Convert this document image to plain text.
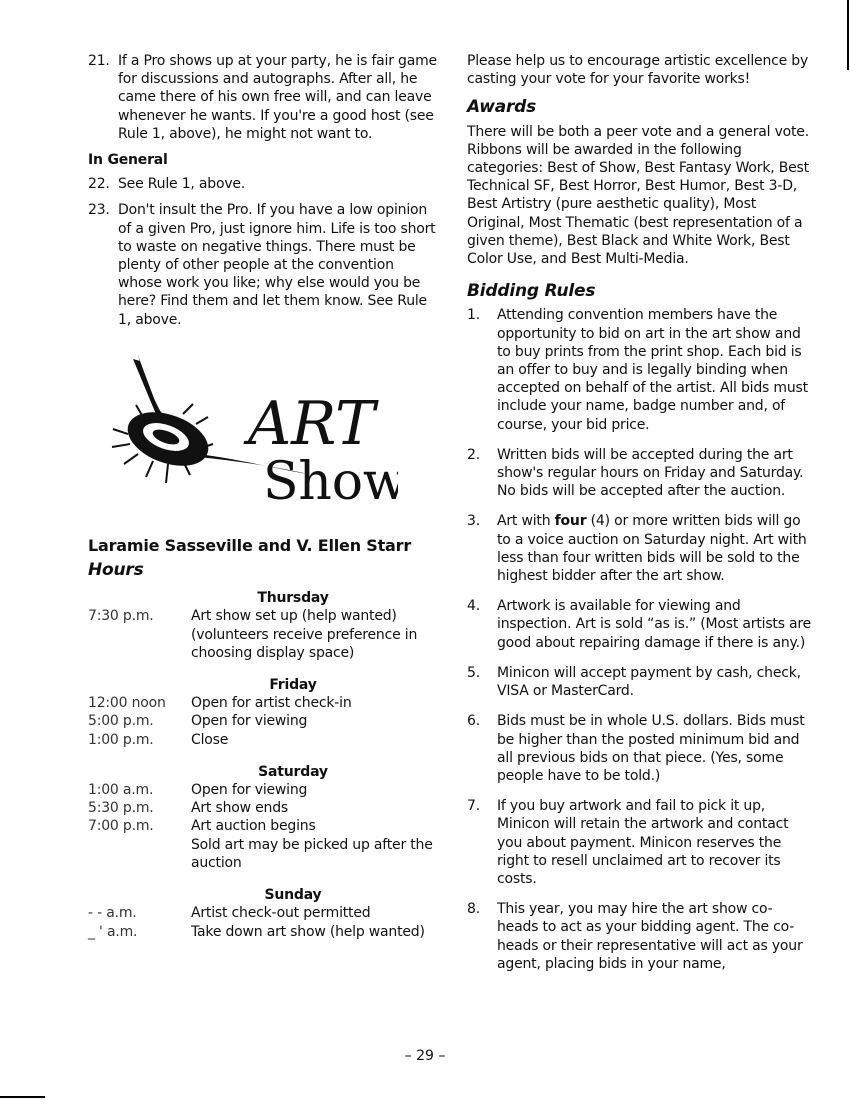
21. If a Pro shows up at your party, he is fair game for discussions and autographs. After all, he came there of his own free will, and can leave whenever he wants. If you're a good host (see Rule 1, above), he might not want to.
In General
22. See Rule 1, above.
23. Don't insult the Pro. If you have a low opinion of a given Pro, just ignore him. Life is too short to waste on negative things. There must be plenty of other people at the convention whose work you like; why else would you be here? Find them and let them know. See Rule 1, above.
ART
Show
Laramie Sasseville and V. Ellen Starr
Hours
Thursday
7:30 p.m.	Art show set up (help wanted) (volunteers receive preference in choosing display space)
Friday
12:00 noon	Open for artist check-in
5:00 p.m.	Open for viewing
1:00 p.m.	Close
Saturday
1:00 a.m.	Open for viewing
5:30 p.m.	Art show ends
7:00 p.m.	Art auction begins
Sold art may be picked up after the auction
Sunday
- - a.m.	Artist check-out permitted
_ ' a.m.	Take down art show (help wanted)

Please help us to encourage artistic excellence by casting your vote for your favorite works!

Awards

There will be both a peer vote and a general vote. Ribbons will be awarded in the following categories: Best of Show, Best Fantasy Work, Best Technical SF, Best Horror, Best Humor, Best 3-D, Best Artistry (pure aesthetic quality), Most Original, Most Thematic (best representation of a given theme), Best Black and White Work, Best Color Use, and Best Multi-Media.

Bidding Rules
1.	Attending convention members have the opportunity to bid on art in the art show and to buy prints from the print shop. Each bid is an offer to buy and is legally binding when accepted on behalf of the artist. All bids must include your name, badge number and, of course, your bid price.
2.	Written bids will be accepted during the art show's regular hours on Friday and Saturday. No bids will be accepted after the auction.
3.	Art with four (4) or more written bids will go to a voice auction on Saturday night. Art with less than four written bids will be sold to the highest bidder after the art show.
4.	Artwork is available for viewing and inspection. Art is sold “as is.” (Most artists are good about repairing damage if there is any.)
5.	Minicon will accept payment by cash, check, VISA or MasterCard.
6.	Bids must be in whole U.S. dollars. Bids must be higher than the posted minimum bid and all previous bids on that piece. (Yes, some people have to be told.)
7.	If you buy artwork and fail to pick it up, Minicon will retain the artwork and contact you about payment. Minicon reserves the right to resell unclaimed art to recover its costs.
8.	This year, you may hire the art show co-heads to act as your bidding agent. The co-heads or their representative will act as your agent, placing bids in your name,
– 29 –
